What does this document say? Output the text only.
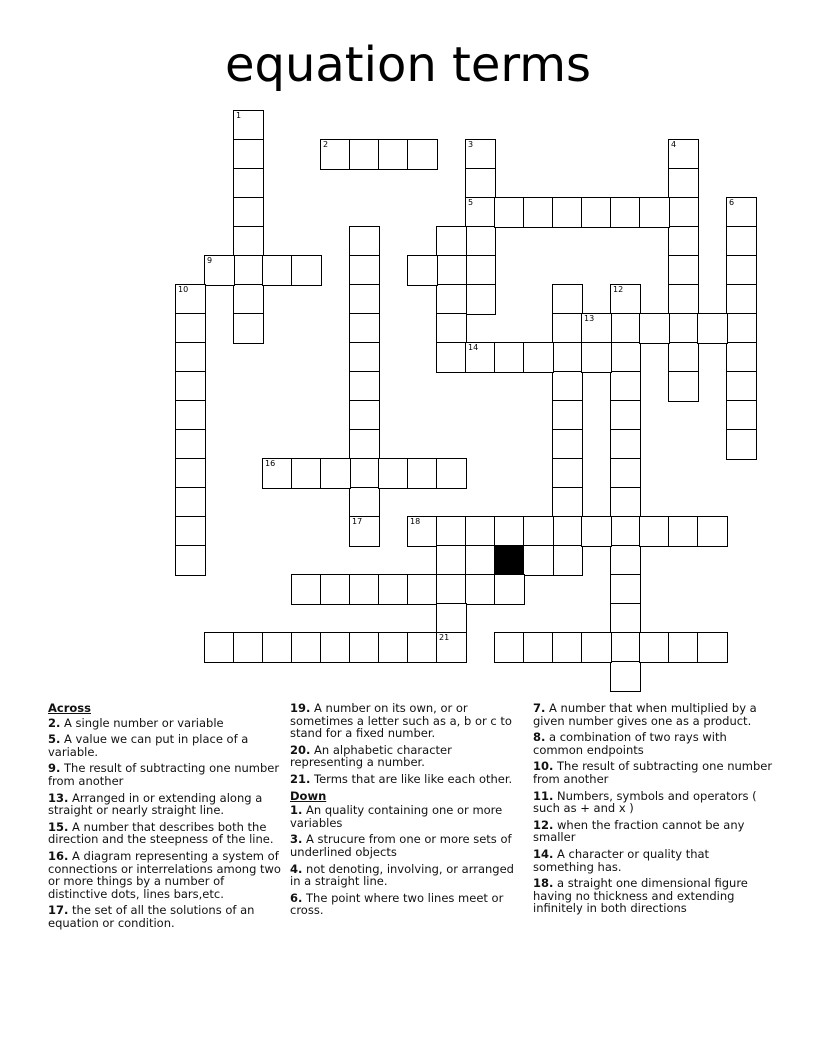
equation terms
1
2	3
5
4
6
17
9
10	12
13
14
16
18
21
Across
2. A single number or variable
5. A value we can put in place of a variable.
9. The result of subtracting one number from another
13. Arranged in or extending along a straight or nearly straight line.
15. A number that describes both the direction and the steepness of the line.
16. A diagram representing a system of connections or interrelations among two or more things by a number of distinctive dots, lines bars,etc.
17. the set of all the solutions of an equation or condition.
19. A number on its own, or or sometimes a letter such as a, b or c to stand for a fixed number.
20. An alphabetic character representing a number.
21. Terms that are like like each other.
Down
1. An quality containing one or more variables
3. A strucure from one or more sets of underlined objects
4. not denoting, involving, or arranged in a straight line.
6. The point where two lines meet or cross.
7. A number that when multiplied by a given number gives one as a product.
8. a combination of two rays with common endpoints
10. The result of subtracting one number from another
11. Numbers, symbols and operators ( such as + and x )
12. when the fraction cannot be any smaller
14. A character or quality that something has.
18. a straight one dimensional figure having no thickness and extending infinitely in both directions
